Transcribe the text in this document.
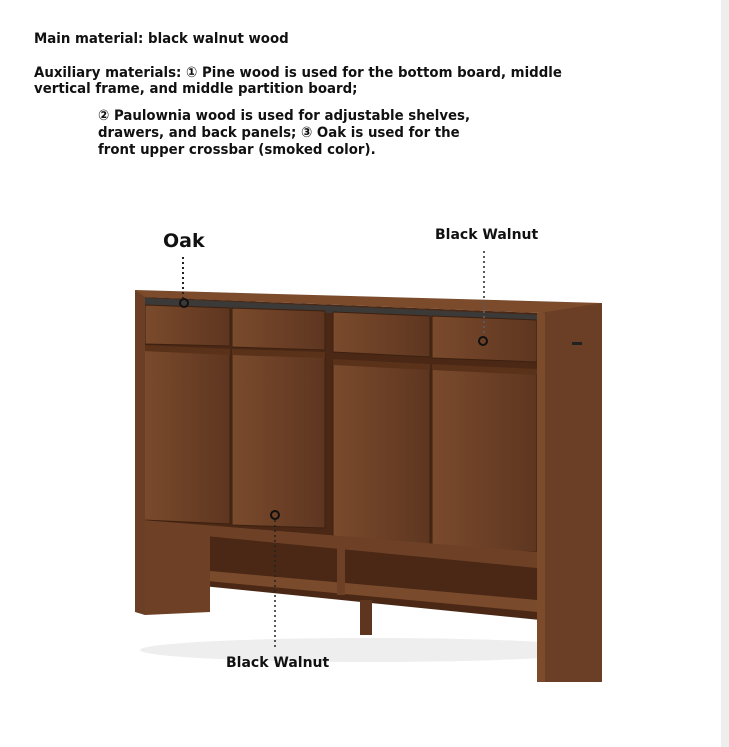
Main material: black walnut wood
Auxiliary materials: ① Pine wood is used for the bottom board, middle
vertical frame, and middle partition board;
② Paulownia wood is used for adjustable shelves,
drawers, and back panels; ③ Oak is used for the
front upper crossbar (smoked color).
Oak	Black Walnut
Black Walnut
